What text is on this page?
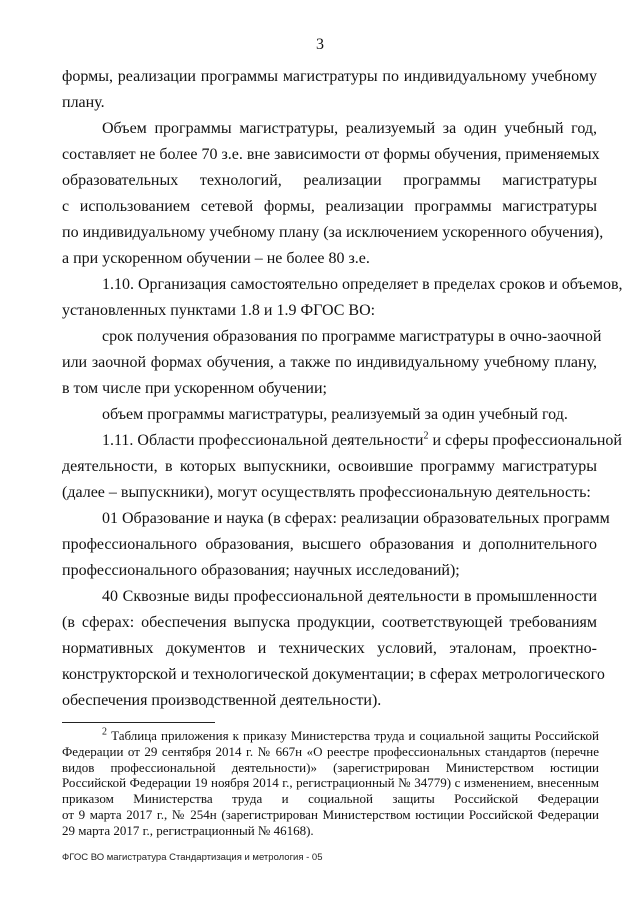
3
формы, реализации программы магистратуры по индивидуальному учебному
плану.
Объем программы магистратуры, реализуемый за один учебный год,
составляет не более 70 з.е. вне зависимости от формы обучения, применяемых
образовательных технологий, реализации программы магистратуры
с использованием сетевой формы, реализации программы магистратуры
по индивидуальному учебному плану (за исключением ускоренного обучения),
а при ускоренном обучении – не более 80 з.е.
1.10. Организация самостоятельно определяет в пределах сроков и объемов,
установленных пунктами 1.8 и 1.9 ФГОС ВО:
срок получения образования по программе магистратуры в очно-заочной
или заочной формах обучения, а также по индивидуальному учебному плану,
в том числе при ускоренном обучении;
объем программы магистратуры, реализуемый за один учебный год.
1.11. Области профессиональной деятельности$^2$ и сферы профессиональной
деятельности, в которых выпускники, освоившие программу магистратуры
(далее – выпускники), могут осуществлять профессиональную деятельность:
01 Образование и наука (в сферах: реализации образовательных программ
профессионального образования, высшего образования и дополнительного
профессионального образования; научных исследований);
40 Сквозные виды профессиональной деятельности в промышленности
(в сферах: обеспечения выпуска продукции, соответствующей требованиям
нормативных документов и технических условий, эталонам, проектно-
конструкторской и технологической документации; в сферах метрологического
обеспечения производственной деятельности).
$^2$ Таблица приложения к приказу Министерства труда и социальной защиты Российской
Федерации от 29 сентября 2014 г. № 667н «О реестре профессиональных стандартов (перечне
видов профессиональной деятельности)» (зарегистрирован Министерством юстиции
Российской Федерации 19 ноября 2014 г., регистрационный № 34779) с изменением, внесенным
приказом Министерства труда и социальной защиты Российской Федерации
от 9 марта 2017 г., № 254н (зарегистрирован Министерством юстиции Российской Федерации
29 марта 2017 г., регистрационный № 46168).
ФГОС ВО магистратура Стандартизация и метрология - 05
